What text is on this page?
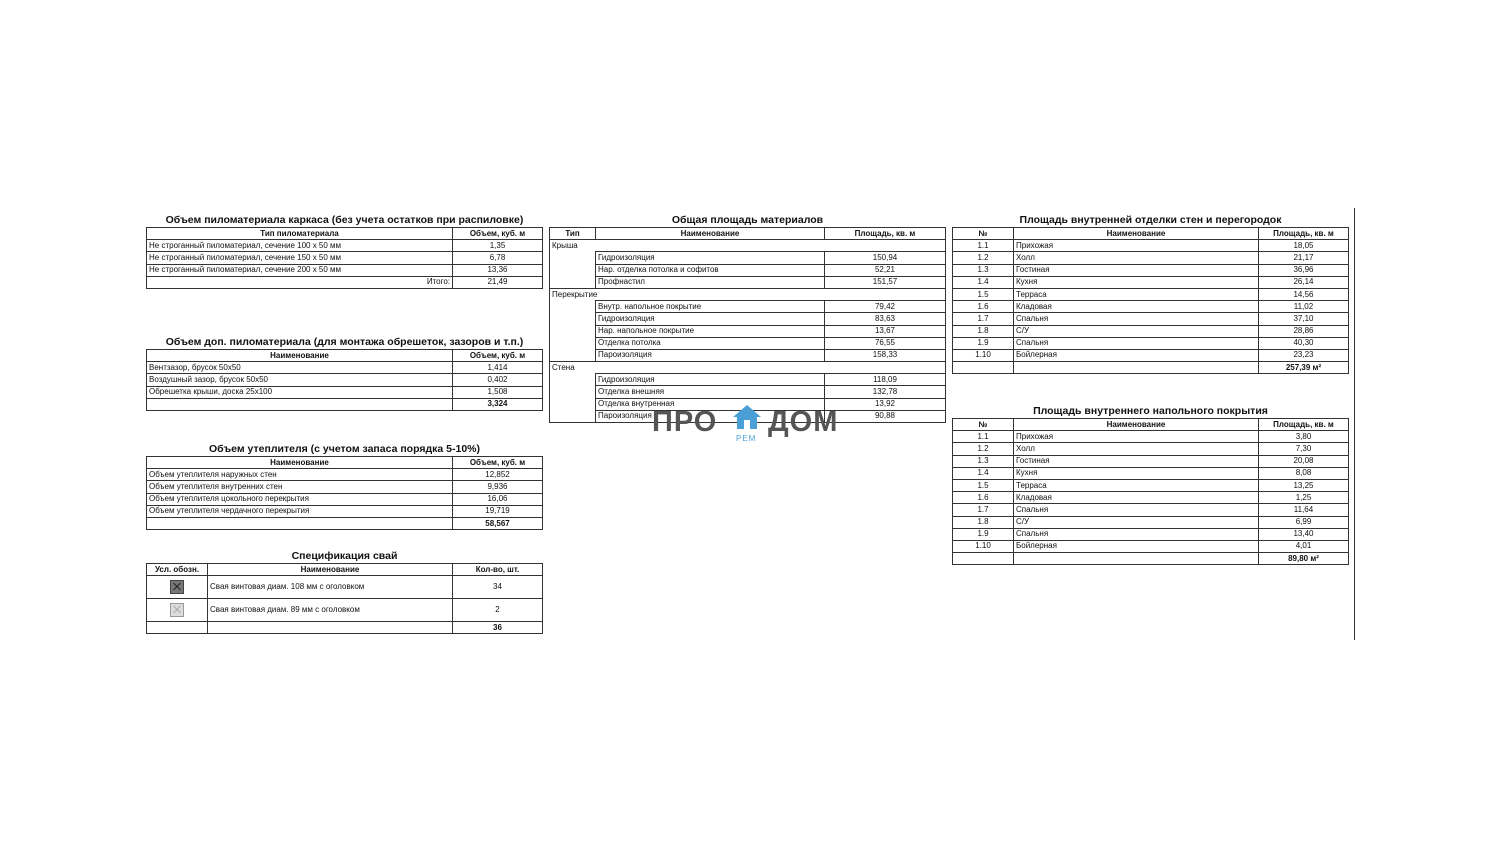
Объем пиломатериала каркаса (без учета остатков при распиловке)
Тип пиломатериала	Объем, куб. м
Не строганный пиломатериал, сечение 100 x 50 мм	1,35
Не строганный пиломатериал, сечение 150 x 50 мм	6,78
Не строганный пиломатериал, сечение 200 x 50 мм	13,36
Итого:	21,49
Объем доп. пиломатериала (для монтажа обрешеток, зазоров и т.п.)
Наименование	Объем, куб. м
Вентзазор, брусок 50х50	1,414
Воздушный зазор, брусок 50х50	0,402
Обрешетка крыши, доска 25х100	1,508
	3,324
Объем утеплителя (с учетом запаса порядка 5-10%)
Наименование	Объем, куб. м
Объем утеплителя наружных стен	12,852
Объем утеплителя внутренних стен	9,936
Объем утеплителя цокольного перекрытия	16,06
Объем утеплителя чердачного перекрытия	19,719
	58,567
Спецификация свай
Усл. обозн.	Наименование	Кол-во, шт.
	Свая винтовая диам. 108 мм с оголовком	34
	Свая винтовая диам. 89 мм с оголовком	2
		36
Общая площадь материалов
Тип	Наименование	Площадь, кв. м
Крыша		
	Гидроизоляция	150,94
	Нар. отделка потолка и софитов	52,21
	Профнастил	151,57
Перекрытие		
	Внутр. напольное покрытие	79,42
	Гидроизоляция	83,63
	Нар. напольное покрытие	13,67
	Отделка потолка	76,55
	Пароизоляция	158,33
Стена		
	Гидроизоляция	118,09
	Отделка внешняя	132,78
	Отделка внутренная	13,92
	Пароизоляция	90,88
Площадь внутренней отделки стен и перегородок
№	Наименование	Площадь, кв. м
1.1	Прихожая	18,05
1.2	Холл	21,17
1.3	Гостиная	36,96
1.4	Кухня	26,14
1.5	Терраса	14,56
1.6	Кладовая	11,02
1.7	Спальня	37,10
1.8	С/У	28,86
1.9	Спальня	40,30
1.10	Бойлерная	23,23
		257,39 м²
Площадь внутреннего напольного покрытия
№	Наименование	Площадь, кв. м
1.1	Прихожая	3,80
1.2	Холл	7,30
1.3	Гостиная	20,08
1.4	Кухня	8,08
1.5	Терраса	13,25
1.6	Кладовая	1,25
1.7	Спальня	11,64
1.8	С/У	6,99
1.9	Спальня	13,40
1.10	Бойлерная	4,01
		89,80 м²
ПРО
РЕМ
ДОМ
